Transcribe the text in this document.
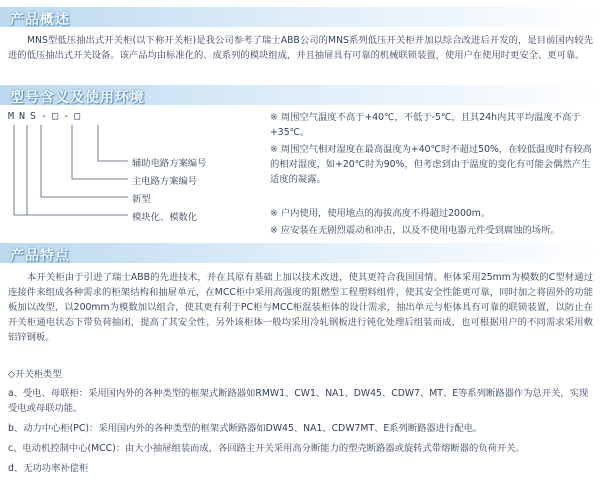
产品概述

MNS型低压抽出式开关柜(以下称开关柜)是我公司参考了瑞士ABB公司的MNS系列低压开关柜并加以综合改进后开发的，是目前国内较先进的低压抽出式开关设备。该产品均由标准化的、成系列的模块组成，并且抽屉具有可靠的机械联锁装置，使用户在使用时更安全、更可靠。

型号含义及使用环境
MNS-□-□
辅助电路方案编号
主电路方案编号
新型
模块化、模数化
※ 周围空气温度不高于+40℃，不低于-5℃，且其24h内其平均温度不高于+35℃。
※ 周围空气相对湿度在最高温度为+40℃时不超过50%，在较低温度时有较高的相对湿度，如+20℃时为90%，但考虑到由于温度的变化有可能会偶然产生适度的凝露。
※ 户内使用，使用地点的海拔高度不得超过2000m。
※ 应安装在无剧烈震动和冲击，以及不使用电器元件受到腐蚀的场所。
产品特点

本开关柜由于引进了瑞士ABB的先进技术，并在其原有基础上加以技术改进，使其更符合我国国情。柜体采用25mm为模数的C型材通过连接件来组成各种需求的柜架结构和抽屉单元，在MCC柜中采用高强度的阻燃型工程塑料组件，使其安全性能更可靠，同时加之将固外的功能板加以改型，以200mm为模数加以组合，使其更有利于PC柜与MCC柜混装柜体的设计需求，抽出单元与柜体具有可靠的联锁装置，以防止在开关柜通电状态下带负荷抽闭，提高了其安全性，另外该柜体一般均采用冷轧钢板进行钝化处理后组装而成，也可根据用户的不同需求采用敷铝锌钢板。

◇开关柜类型
a、受电、母联柜：采用国内外的各种类型的框架式断路器如RMW1、CW1、NA1、DW45、CDW7、MT、E等系列断路器作为总开关，实现受电或母联功能。
b、动力中心柜(PC)：采用国内外的各种类型的框架式断路器如DW45、NA1、CDW7MT、E系列断路器进行配电。
c、电动机控制中心(MCC)：由大小抽屉组装而成，各回路主开关采用高分断能力的塑壳断路器或旋转式带熔断器的负荷开关。
d、无功功率补偿柜
